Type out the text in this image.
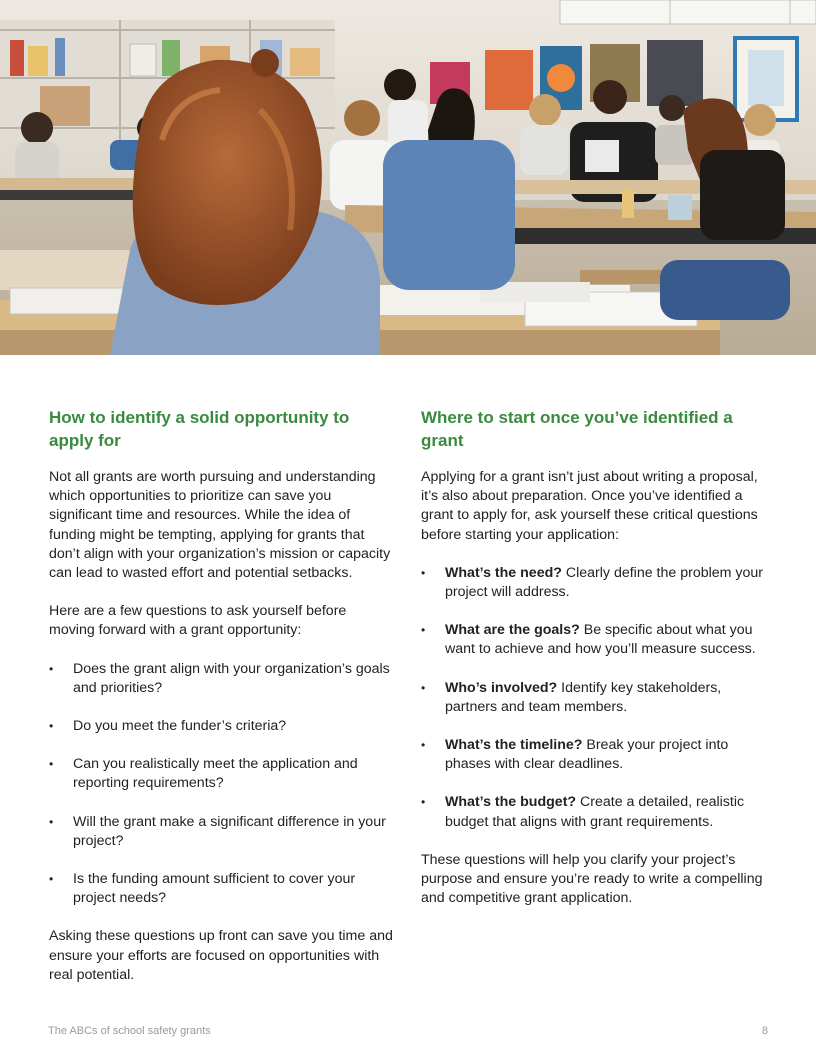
How to identify a solid opportunity to apply for

Not all grants are worth pursuing and understanding which opportunities to prioritize can save you significant time and resources. While the idea of funding might be tempting, applying for grants that don’t align with your organization’s mission or capacity can lead to wasted effort and potential setbacks.

Here are a few questions to ask yourself before moving forward with a grant opportunity:

•	Does the grant align with your organization’s goals and priorities?
•	Do you meet the funder’s criteria?
•	Can you realistically meet the application and reporting requirements?
•	Will the grant make a significant difference in your project?
•	Is the funding amount sufficient to cover your project needs?

Asking these questions up front can save you time and ensure your efforts are focused on opportunities with real potential.

Where to start once you’ve identified a grant

Applying for a grant isn’t just about writing a proposal, it’s also about preparation. Once you’ve identified a grant to apply for, ask yourself these critical questions before starting your application:

•	What’s the need? Clearly define the problem your project will address.
•	What are the goals? Be specific about what you want to achieve and how you’ll measure success.
•	Who’s involved? Identify key stakeholders, partners and team members.
•	What’s the timeline? Break your project into phases with clear deadlines.
•	What’s the budget? Create a detailed, realistic budget that aligns with grant requirements.

These questions will help you clarify your project’s purpose and ensure you’re ready to write a compelling and competitive grant application.

The ABCs of school safety grants	8
